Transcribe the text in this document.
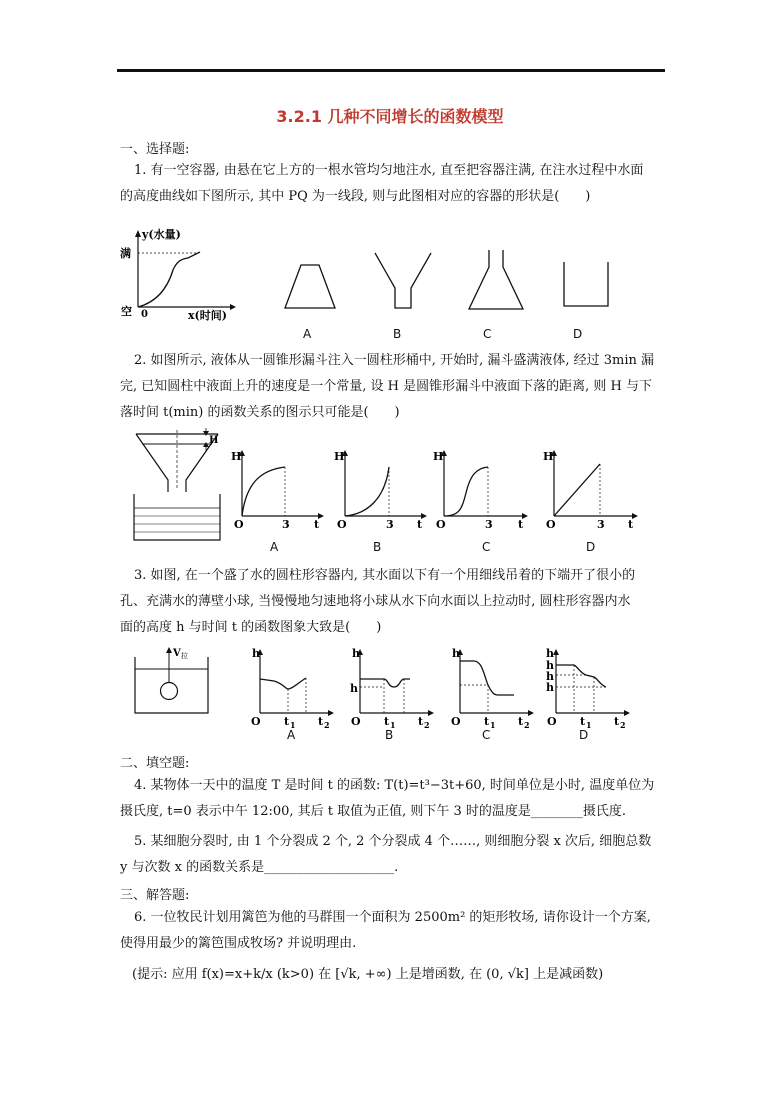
3.2.1 几种不同增长的函数模型
一、选择题:
1. 有一空容器, 由悬在它上方的一根水管均匀地注水, 直至把容器注满, 在注水过程中水面
的高度曲线如下图所示, 其中 PQ 为一线段, 则与此图相对应的容器的形状是(　　)
y(水量)
满
空 0	x(时间)
A	B	C	D
2. 如图所示, 液体从一圆锥形漏斗注入一圆柱形桶中, 开始时, 漏斗盛满液体, 经过 3min 漏
完, 已知圆柱中液面上升的速度是一个常量, 设 H 是圆锥形漏斗中液面下落的距离, 则 H 与下
落时间 t(min) 的函数关系的图示只可能是(　　)
H
H
O	3 t
H
O	3 t
H
O	3 t
H
O	3 t
A	B	C	D
3. 如图, 在一个盛了水的圆柱形容器内, 其水面以下有一个用细线吊着的下端开了很小的
孔、充满水的薄壁小球, 当慢慢地匀速地将小球从水下向水面以上拉动时, 圆柱形容器内水
面的高度 h 与时间 t 的函数图象大致是(　　)
V 拉	h
O t 1 t 2
h
h
O t 1 t 2
h
O t 1 t 2
h
h
h
h
O t 1 t 2
A	B	C	D
二、填空题:
4. 某物体一天中的温度 T 是时间 t 的函数: T(t)=t³−3t+60, 时间单位是小时, 温度单位为
摄氏度, t=0 表示中午 12:00, 其后 t 取值为正值, 则下午 3 时的温度是________摄氏度.
5. 某细胞分裂时, 由 1 个分裂成 2 个, 2 个分裂成 4 个……, 则细胞分裂 x 次后, 细胞总数
y 与次数 x 的函数关系是____________________.
三、解答题:
6. 一位牧民计划用篱笆为他的马群围一个面积为 2500m² 的矩形牧场, 请你设计一个方案,
使得用最少的篱笆围成牧场? 并说明理由.
(提示: 应用 f(x)=x+k/x (k>0) 在 [√k, +∞) 上是增函数, 在 (0, √k] 上是减函数)
